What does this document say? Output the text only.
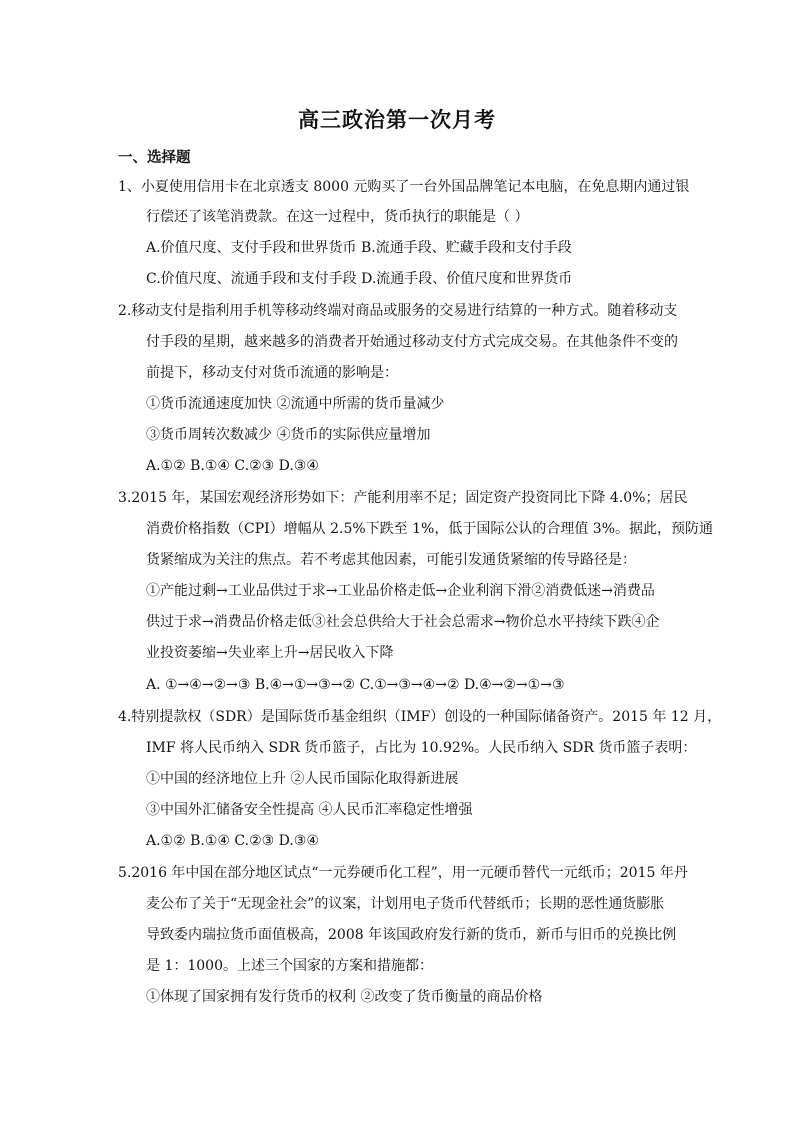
高三政治第一次月考
一、选择题
1、小夏使用信用卡在北京透支 8000 元购买了一台外国品牌笔记本电脑，在免息期内通过银
行偿还了该笔消费款。在这一过程中，货币执行的职能是（ ）
A.价值尺度、支付手段和世界货币 B.流通手段、贮藏手段和支付手段
C.价值尺度、流通手段和支付手段 D.流通手段、价值尺度和世界货币
2.移动支付是指利用手机等移动终端对商品或服务的交易进行结算的一种方式。随着移动支
付手段的星期，越来越多的消费者开始通过移动支付方式完成交易。在其他条件不变的
前提下，移动支付对货币流通的影响是：
①货币流通速度加快 ②流通中所需的货币量减少
③货币周转次数减少 ④货币的实际供应量增加
A.①② B.①④ C.②③ D.③④
3.2015 年，某国宏观经济形势如下：产能利用率不足；固定资产投资同比下降 4.0%；居民
消费价格指数（CPI）增幅从 2.5%下跌至 1%，低于国际公认的合理值 3%。据此，预防通
货紧缩成为关注的焦点。若不考虑其他因素，可能引发通货紧缩的传导路径是：
①产能过剩→工业品供过于求→工业品价格走低→企业利润下滑②消费低迷→消费品
供过于求→消费品价格走低③社会总供给大于社会总需求→物价总水平持续下跌④企
业投资萎缩→失业率上升→居民收入下降
A. ①→④→②→③ B.④→①→③→② C.①→③→④→② D.④→②→①→③
4.特别提款权（SDR）是国际货币基金组织（IMF）创设的一种国际储备资产。2015 年 12 月，
IMF 将人民币纳入 SDR 货币篮子，占比为 10.92%。人民币纳入 SDR 货币篮子表明：
①中国的经济地位上升 ②人民币国际化取得新进展
③中国外汇储备安全性提高 ④人民币汇率稳定性增强
A.①② B.①④ C.②③ D.③④
5.2016 年中国在部分地区试点“一元券硬币化工程”，用一元硬币替代一元纸币；2015 年丹
麦公布了关于“无现金社会”的议案，计划用电子货币代替纸币；长期的恶性通货膨胀
导致委内瑞拉货币面值极高，2008 年该国政府发行新的货币，新币与旧币的兑换比例
是 1：1000。上述三个国家的方案和措施都：
①体现了国家拥有发行货币的权利 ②改变了货币衡量的商品价格
